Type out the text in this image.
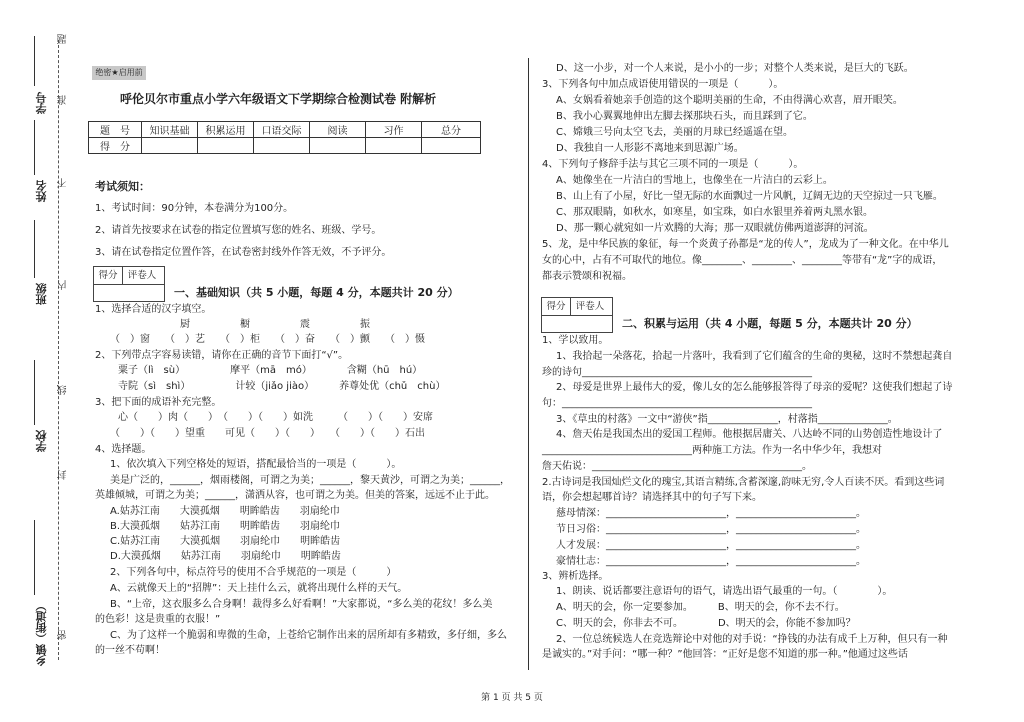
题
学号 准
姓名 不
班级 内
学校
线
封
乡镇（街道） 密
绝密★启用前
呼伦贝尔市重点小学六年级语文下学期综合检测试卷 附解析
题　号	知识基础	积累运用	口语交际	阅读	习作	总分
得　分						
考试须知：
1、考试时间：90分钟，本卷满分为100分。
2、请首先按要求在试卷的指定位置填写您的姓名、班级、学号。
3、请在试卷指定位置作答，在试卷密封线外作答无效，不予评分。
得分 评卷人
一、基础知识（共 5 小题，每题 4 分，本题共计 20 分）
1、选择合适的汉字填空。
厨　　　　　橱　　　　　震　　　　　振
（　）窗　　（　）艺　　（　）柜　　（　）奋　　（　）颤　　（　）慑
2、下列带点字容易读错，请你在正确的音节下面打“√”。
粟子（lì　sù）　　　　　摩平（mā　mó）　　　　含糊（hū　hú）
寺院（sì　shì）　　　　　计较（jiǎo jiào）　　　养尊处优（chǔ　chù）
3、把下面的成语补充完整。
心（　　）肉（　　）　（　　）（　　）如洗　　　（　　）（　　）安席
（　　）（　　）望重　　可见（　　）（　　）　　（　　）（　　）石出
4、选择题。
1、依次填入下列空格处的短语，搭配最恰当的一项是（　　　）。
美是广泛的，______，烟雨楼阁，可谓之为美；______，黎天黄沙，可谓之为美；______，
英雄倾城，可谓之为美；______，潇洒从容，也可谓之为美。但美的答案，远远不止于此。
A.姑苏江南　　大漠孤烟　　明眸皓齿　　羽扇纶巾
B.大漠孤烟　　姑苏江南　　明眸皓齿　　羽扇纶巾
C.姑苏江南　　大漠孤烟　　羽扇纶巾　　明眸皓齿
D.大漠孤烟　　姑苏江南　　羽扇纶巾　　明眸皓齿
2、下列各句中，标点符号的使用不合乎规范的一项是（　　　）
A、云就像天上的“招牌”：天上挂什么云，就将出现什么样的天气。
B、“上帝，这衣服多么合身啊！裁得多么好看啊！”大家都说，“多么美的花纹！多么美
的色彩！这是贵重的衣服！”
C、为了这样一个脆弱和卑微的生命，上苍给它制作出来的居所却有多精致，多仔细，多么
的一丝不苟啊！
D、这一小步，对一个人来说，是小小的一步；对整个人类来说，是巨大的飞跃。
3、下列各句中加点成语使用错误的一项是（　　　）。
A、女娲看着她亲手创造的这个聪明美丽的生命，不由得满心欢喜，眉开眼笑。
B、我小心翼翼地伸出左脚去探那块石头，而且踩到了它。
C、嫦娥三号向太空飞去，美丽的月球已经遥遥在望。
D、我独自一人形影不离地来到思源广场。
4、下列句子修辞手法与其它三项不同的一项是（　　　）。
A、她像坐在一片洁白的雪地上，也像坐在一片洁白的云彩上。
B、山上有了小屋，好比一望无际的水面飘过一片风帆，辽阔无边的天空掠过一只飞雁。
C、那双眼睛，如秋水，如寒星，如宝珠，如白水银里养着两丸黑水银。
D、那一颗心就宛如一片欢腾的大海；那一双眼就仿佛两道澎湃的河流。
5、龙，是中华民族的象征，每一个炎黄子孙都是“龙的传人”，龙成为了一种文化。在中华儿
女的心中，占有不可取代的地位。像________、________、________等带有“龙”字的成语，
都表示赞颂和祝福。
得分 评卷人
二、积累与运用（共 4 小题，每题 5 分，本题共计 20 分）
1、学以致用。
1、我拾起一朵落花，拾起一片落叶，我看到了它们蕴含的生命的奥秘，这时不禁想起龚自
珍的诗句______________________________________________
2、母爱是世界上最伟大的爱，像儿女的怎么能够报答得了母亲的爱呢？这使我们想起了诗
句：__________________________________________________
3、《草虫的村落》一文中“游侠”指______________，村落指______________。
4、詹天佑是我国杰出的爱国工程师。他根据居庸关、八达岭不同的山势创造性地设计了
______________________________两种施工方法。作为一名中华少年，我想对
詹天佑说：__________________________________________。
2.古诗词是我国灿烂文化的瑰宝,其语言精练,含蓄深邃,韵味无穷,令人百读不厌。看到这些词
语，你会想起哪首诗？请选择其中的句子写下来。
慈母情深：________________________，________________________。
节日习俗：________________________，________________________。
人才发展：________________________，________________________。
豪情壮志：________________________，________________________。
3、辨析选择。
1、朗读、说话都要注意语句的语气，请选出语气最重的一句。（　　　　）。
A、明天的会，你一定要参加。　　　B、明天的会，你不去不行。
C、明天的会，你非去不可。　　　　D、明天的会，你能不参加吗？
2、一位总统候选人在竞选辩论中对他的对手说：“挣钱的办法有成千上万种，但只有一种
是诚实的。”对手问：“哪一种？”他回答：“正好是您不知道的那一种。”他通过这些话
第 1 页 共 5 页
